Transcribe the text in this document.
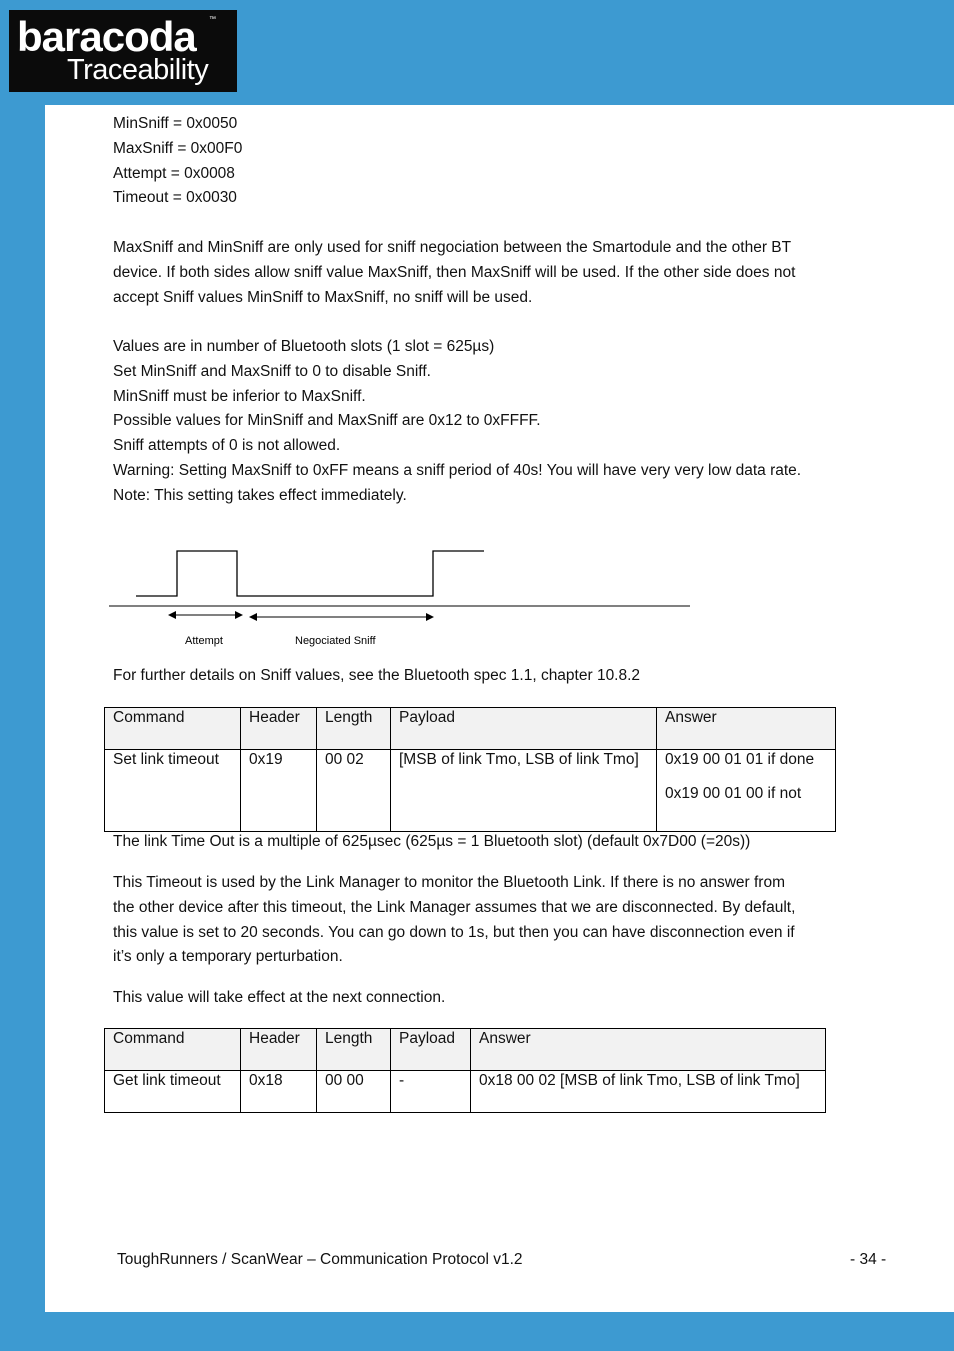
baracoda ™
Traceability
MinSniff = 0x0050
MaxSniff = 0x00F0
Attempt = 0x0008
Timeout = 0x0030
MaxSniff and MinSniff are only used for sniff negociation between the Smartodule and the other BT
device. If both sides allow sniff value MaxSniff, then MaxSniff will be used. If the other side does not
accept Sniff values MinSniff to MaxSniff, no sniff will be used.
Values are in number of Bluetooth slots (1 slot = 625µs)
Set MinSniff and MaxSniff to 0 to disable Sniff.
MinSniff must be inferior to MaxSniff.
Possible values for MinSniff and MaxSniff are 0x12 to 0xFFFF.
Sniff attempts of 0 is not allowed.
Warning: Setting MaxSniff to 0xFF means a sniff period of 40s! You will have very very low data rate.
Note: This setting takes effect immediately.
Attempt	Negociated Sniff
For further details on Sniff values, see the Bluetooth spec 1.1, chapter 10.8.2
Command	Header	Length	Payload	Answer
Set link timeout	0x19	00 02	[MSB of link Tmo, LSB of link Tmo]	0x19 00 01 01 if done
0x19 00 01 00 if not
The link Time Out is a multiple of 625µsec (625µs = 1 Bluetooth slot) (default 0x7D00 (=20s))
This Timeout is used by the Link Manager to monitor the Bluetooth Link. If there is no answer from
the other device after this timeout, the Link Manager assumes that we are disconnected. By default,
this value is set to 20 seconds. You can go down to 1s, but then you can have disconnection even if
it’s only a temporary perturbation.
This value will take effect at the next connection.
Command	Header	Length	Payload	Answer
Get link timeout	0x18	00 00	-	0x18 00 02 [MSB of link Tmo, LSB of link Tmo]
ToughRunners / ScanWear – Communication Protocol v1.2	- 34 -
